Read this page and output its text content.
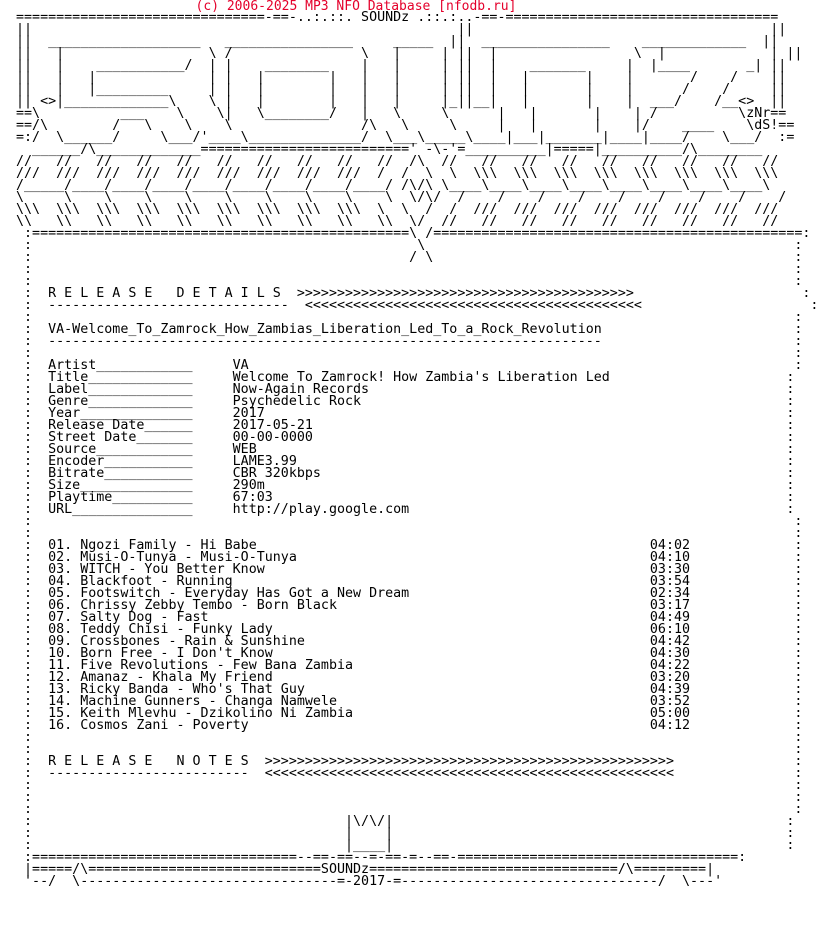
(c) 2006-2025 MP3 NFO Database [nfodb.ru]
===============================-==-..:.::. SOUNDz .::.:..-==-==================================
||                                                     ||                                     ||
||  ___________________   ________________     _____  ||  ________________    _____________  ||
||   |                  \ /                \   |     | ||  |                 \  |             | ||
||   |    ___________/  | |    ________    |   |     | ||  |    _______     |  |____       _| ||
||   |   |              | |   |        |   |   |     | ||  |   |       |    |       /    /    ||
||   |   |_________     | |   |        |   |   |     | ||  |   |       |    |      /    /     ||
|| <>|_____________\    \ |   |        |   |   |     |_||__|   |       |    |  ___/    /__<>  ||
==\          ___    \    \|   \________/   |   \     \      |   |       |    | /          \zNr==
==/\        /   \    \    \                /\   \     \     |   |       |    |/    ____    \dS!==
=:/  \______/     \___/'____\______________/  \___\_____\____|___|_______|____|____/    \___/  :=
______/\_____________==========================' -\-'=__________|=====|__________/\________
//   //   //   //   //   //   //   //   //   //  /\  //   //   //   //   //   //   //   //   //
///  ///  ///  ///  ///  ///  ///  ///  ///  /  /  \  \  \\\  \\\  \\\  \\\  \\\  \\\  \\\  \\\
/_____/____/____/____/____/____/____/____/____/ /\/\ \____\____\____\____\____\____\____\____\
\     \    \    \    \    \    \    \    \    \  \/\/  /    /    /    /    /    /    /    /    /
\\\  \\\  \\\  \\\  \\\  \\\  \\\  \\\  \\\  \  \  /  /  ///  ///  ///  ///  ///  ///  ///  ///
\\   \\   \\   \\   \\   \\   \\   \\   \\   \\  \/  //   //   //   //   //   //   //   //   //
:===============================================\ /==============================================:
:                                                \                                              :
:                                               / \                                             :
:                                                                                               :
:                                                                                               :
:  R E L E A S E   D E T A I L S  >>>>>>>>>>>>>>>>>>>>>>>>>>>>>>>>>>>>>>>>>>                     :
:  ------------------------------  <<<<<<<<<<<<<<<<<<<<<<<<<<<<<<<<<<<<<<<<<<                     :
:                                                                                               :
:  VA-Welcome_To_Zamrock_How_Zambias_Liberation_Led_To_a_Rock_Revolution                        :
:  ---------------------------------------------------------------------                        :
:                                                                                               :
:  Artist____________     VA                                                                    :
:  Title_____________     Welcome To Zamrock! How Zambia's Liberation Led                      :
:  Label_____________     Now-Again Records                                                    :
:  Genre_____________     Psychedelic Rock                                                     :
:  Year______________     2017                                                                 :
:  Release Date______     2017-05-21                                                           :
:  Street Date_______     00-00-0000                                                           :
:  Source____________     WEB                                                                  :
:  Encoder___________     LAME3.99                                                             :
:  Bitrate___________     CBR 320kbps                                                          :
:  Size______________     290m                                                                 :
:  Playtime__________     67:03                                                                :
:  URL_______________     http://play.google.com                                               :
:                                                                                               :
:                                                                                               :
:  01. Ngozi Family - Hi Babe                                                 04:02             :
:  02. Musi-O-Tunya - Musi-O-Tunya                                            04:10             :
:  03. WITCH - You Better Know                                                03:30             :
:  04. Blackfoot - Running                                                    03:54             :
:  05. Footswitch - Everyday Has Got a New Dream                              02:34             :
:  06. Chrissy Zebby Tembo - Born Black                                       03:17             :
:  07. Salty Dog - Fast                                                       04:49             :
:  08. Teddy Chisi - Funky Lady                                               06:10             :
:  09. Crossbones - Rain & Sunshine                                           04:42             :
:  10. Born Free - I Don't Know                                               04:30             :
:  11. Five Revolutions - Few Bana Zambia                                     04:22             :
:  12. Amanaz - Khala My Friend                                               03:20             :
:  13. Ricky Banda - Who's That Guy                                           04:39             :
:  14. Machine Gunners - Changa Namwele                                       03:52             :
:  15. Keith Mlevhu - Dzikolino Ni Zambia                                     05:00             :
:  16. Cosmos Zani - Poverty                                                  04:12             :
:                                                                                               :
:                                                                                               :
:  R E L E A S E   N O T E S  >>>>>>>>>>>>>>>>>>>>>>>>>>>>>>>>>>>>>>>>>>>>>>>>>>>               :
:  -------------------------  <<<<<<<<<<<<<<<<<<<<<<<<<<<<<<<<<<<<<<<<<<<<<<<<<<<               :
:                                                                                               :
:                                                                                               :
:                                                                                               :
:                                       |\/\/|                                                 :
:                                       |    |                                                 :
:                                       |____|                                                 :
:=================================--==-==--=-==-=--==-===================================:
|=====/\=============================SOUNDz===============================/\=========|
'--/  \--------------------------------=-2017-=--------------------------------/  \---'
